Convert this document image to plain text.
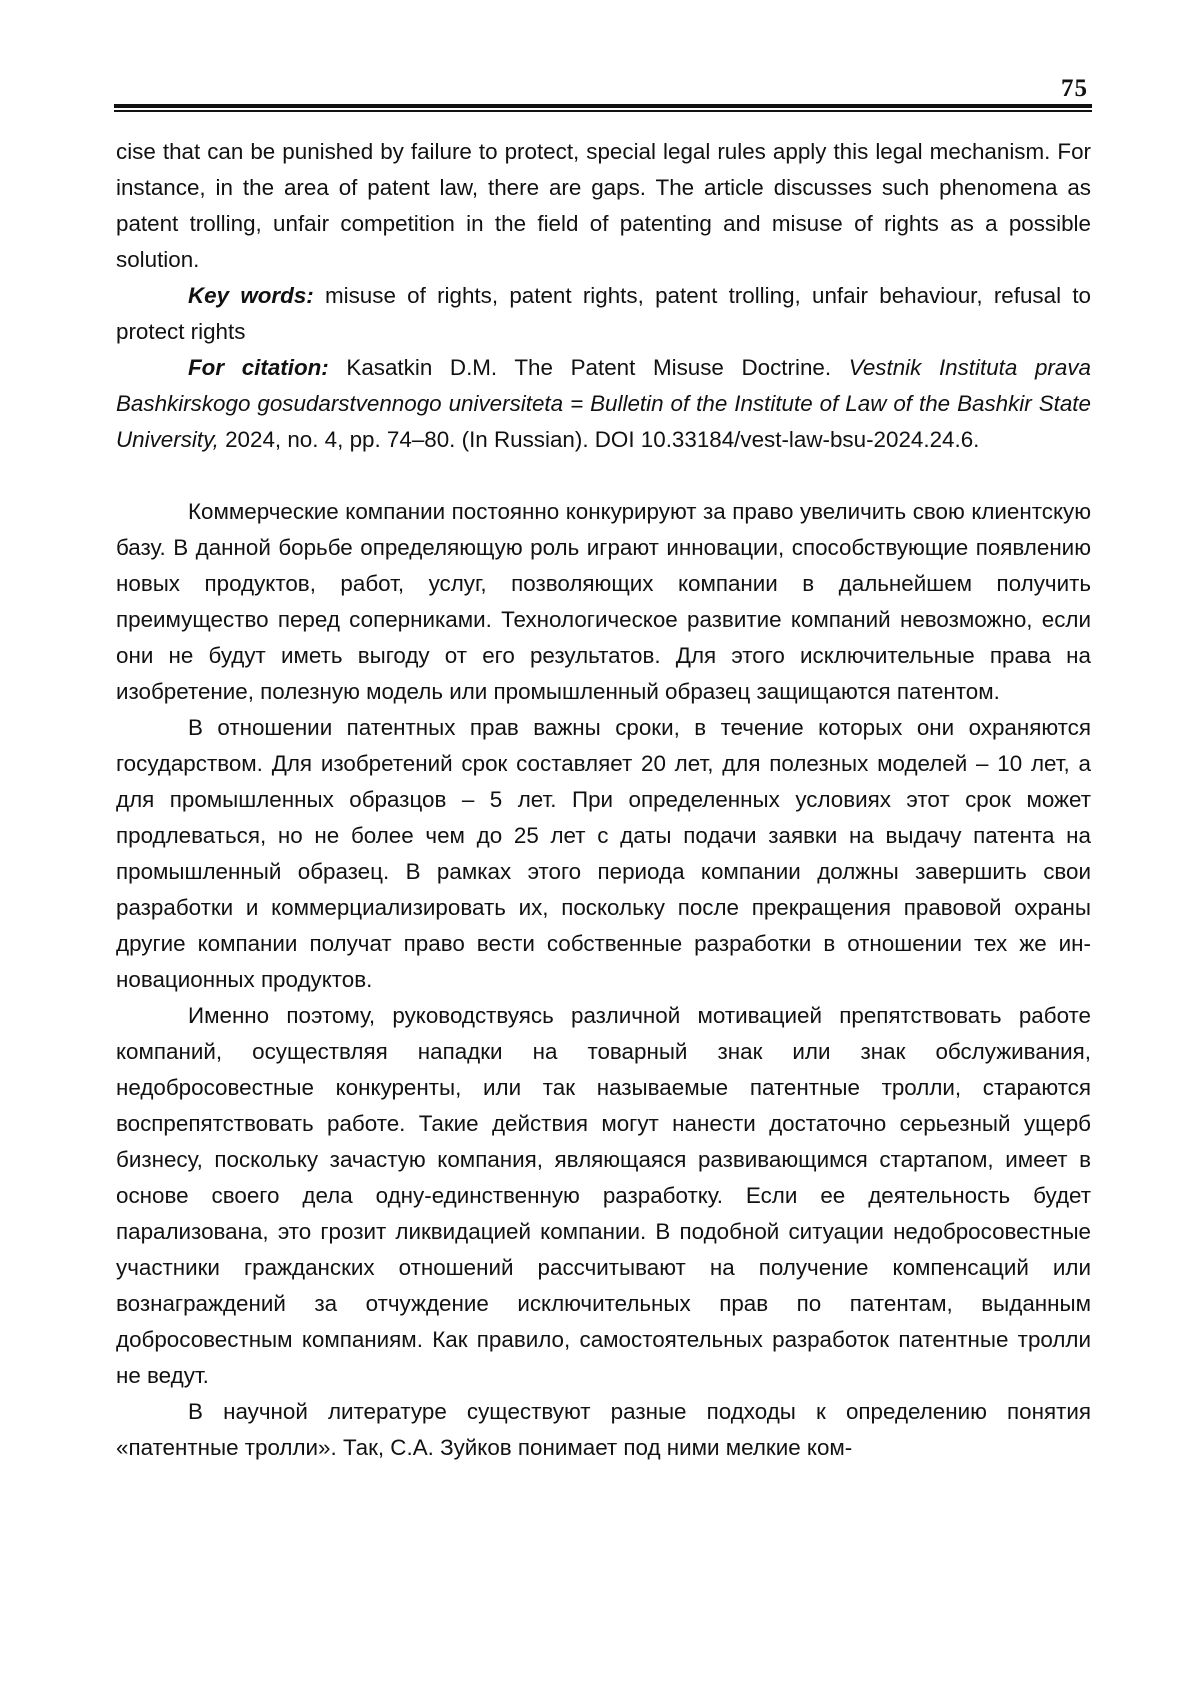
75

cise that can be punished by failure to protect, special legal rules apply this legal mechanism. For instance, in the area of patent law, there are gaps. The article discusses such phenomena as patent trolling, unfair competition in the field of patenting and misuse of rights as a possible solution.

Key words: misuse of rights, patent rights, patent trolling, unfair behaviour, refusal to protect rights

For citation: Kasatkin D.M. The Patent Misuse Doctrine. Vestnik Instituta prava Bashkirskogo gosudarstvennogo universiteta = Bulletin of the Institute of Law of the Bashkir State University, 2024, no. 4, pp. 74–80. (In Russian). DOI 10.33184/vest-law-bsu-2024.24.6.

Коммерческие компании постоянно конкурируют за право увеличить свою клиентскую базу. В данной борьбе определяющую роль играют инновации, способствующие появлению новых продуктов, работ, услуг, позволяющих компании в дальнейшем получить преимущество перед соперниками. Технологическое развитие компаний невозможно, если они не будут иметь выгоду от его результатов. Для этого исключительные права на изобретение, полезную модель или промышленный образец защищаются патентом.

В отношении патентных прав важны сроки, в течение которых они охраняются государством. Для изобретений срок составляет 20 лет, для полезных моделей – 10 лет, а для промышленных образцов – 5 лет. При определенных условиях этот срок может продлеваться, но не более чем до 25 лет с даты подачи заявки на выдачу патента на промышленный образец. В рамках этого периода компании должны завершить свои разработки и коммерциализировать их, поскольку после прекращения правовой охраны другие компании получат право вести собственные разработки в отношении тех же инновационных продуктов.

Именно поэтому, руководствуясь различной мотивацией препятствовать работе компаний, осуществляя нападки на товарный знак или знак обслуживания, недобросовестные конкуренты, или так называемые патентные тролли, стараются воспрепятствовать работе. Такие действия могут нанести достаточно серьезный ущерб бизнесу, поскольку зачастую компания, являющаяся развивающимся стартапом, имеет в основе своего дела одну-единственную разработку. Если ее деятельность будет парализована, это грозит ликвидацией компании. В подобной ситуации недобросовестные участники гражданских отношений рассчитывают на получение компенсаций или вознаграждений за отчуждение исключительных прав по патентам, выданным добросовестным компаниям. Как правило, самостоятельных разработок патентные тролли не ведут.

В научной литературе существуют разные подходы к определению понятия «патентные тролли». Так, С.А. Зуйков понимает под ними мелкие ком-
